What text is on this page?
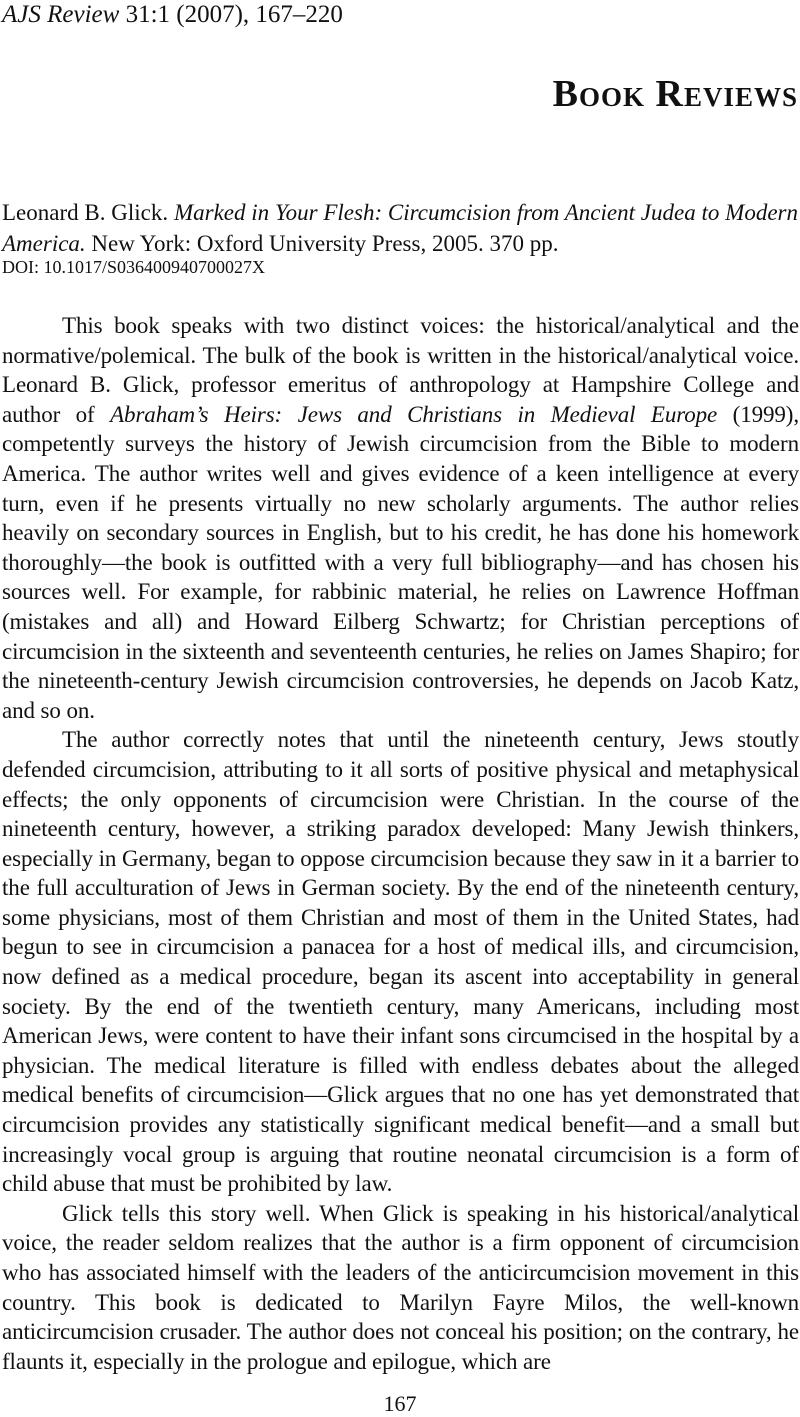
AJS Review 31:1 (2007), 167–220
Book Reviews
Leonard B. Glick. Marked in Your Flesh: Circumcision from Ancient Judea to Modern America. New York: Oxford University Press, 2005. 370 pp.
DOI: 10.1017/S036400940700027X

This book speaks with two distinct voices: the historical/analytical and the normative/polemical. The bulk of the book is written in the historical/analytical voice. Leonard B. Glick, professor emeritus of anthropology at Hampshire College and author of Abraham’s Heirs: Jews and Christians in Medieval Europe (1999), competently surveys the history of Jewish circumcision from the Bible to modern America. The author writes well and gives evidence of a keen intelligence at every turn, even if he presents virtually no new scholarly arguments. The author relies heavily on secondary sources in English, but to his credit, he has done his homework thoroughly—the book is outfitted with a very full bibliography—and has chosen his sources well. For example, for rabbinic material, he relies on Lawrence Hoffman (mistakes and all) and Howard Eilberg Schwartz; for Christian perceptions of circumcision in the sixteenth and seventeenth centuries, he relies on James Shapiro; for the nineteenth-century Jewish circumcision controversies, he depends on Jacob Katz, and so on.

The author correctly notes that until the nineteenth century, Jews stoutly defended circumcision, attributing to it all sorts of positive physical and metaphysical effects; the only opponents of circumcision were Christian. In the course of the nineteenth century, however, a striking paradox developed: Many Jewish thinkers, especially in Germany, began to oppose circumcision because they saw in it a barrier to the full acculturation of Jews in German society. By the end of the nineteenth century, some physicians, most of them Christian and most of them in the United States, had begun to see in circumcision a panacea for a host of medical ills, and circumcision, now defined as a medical procedure, began its ascent into acceptability in general society. By the end of the twentieth century, many Americans, including most American Jews, were content to have their infant sons circumcised in the hospital by a physician. The medical literature is filled with endless debates about the alleged medical benefits of circumcision—Glick argues that no one has yet demonstrated that circumcision provides any statistically significant medical benefit—and a small but increasingly vocal group is arguing that routine neonatal circumcision is a form of child abuse that must be prohibited by law.

Glick tells this story well. When Glick is speaking in his historical/analytical voice, the reader seldom realizes that the author is a firm opponent of circumcision who has associated himself with the leaders of the anticircumcision movement in this country. This book is dedicated to Marilyn Fayre Milos, the well-known anticircumcision crusader. The author does not conceal his position; on the contrary, he flaunts it, especially in the prologue and epilogue, which are

167
